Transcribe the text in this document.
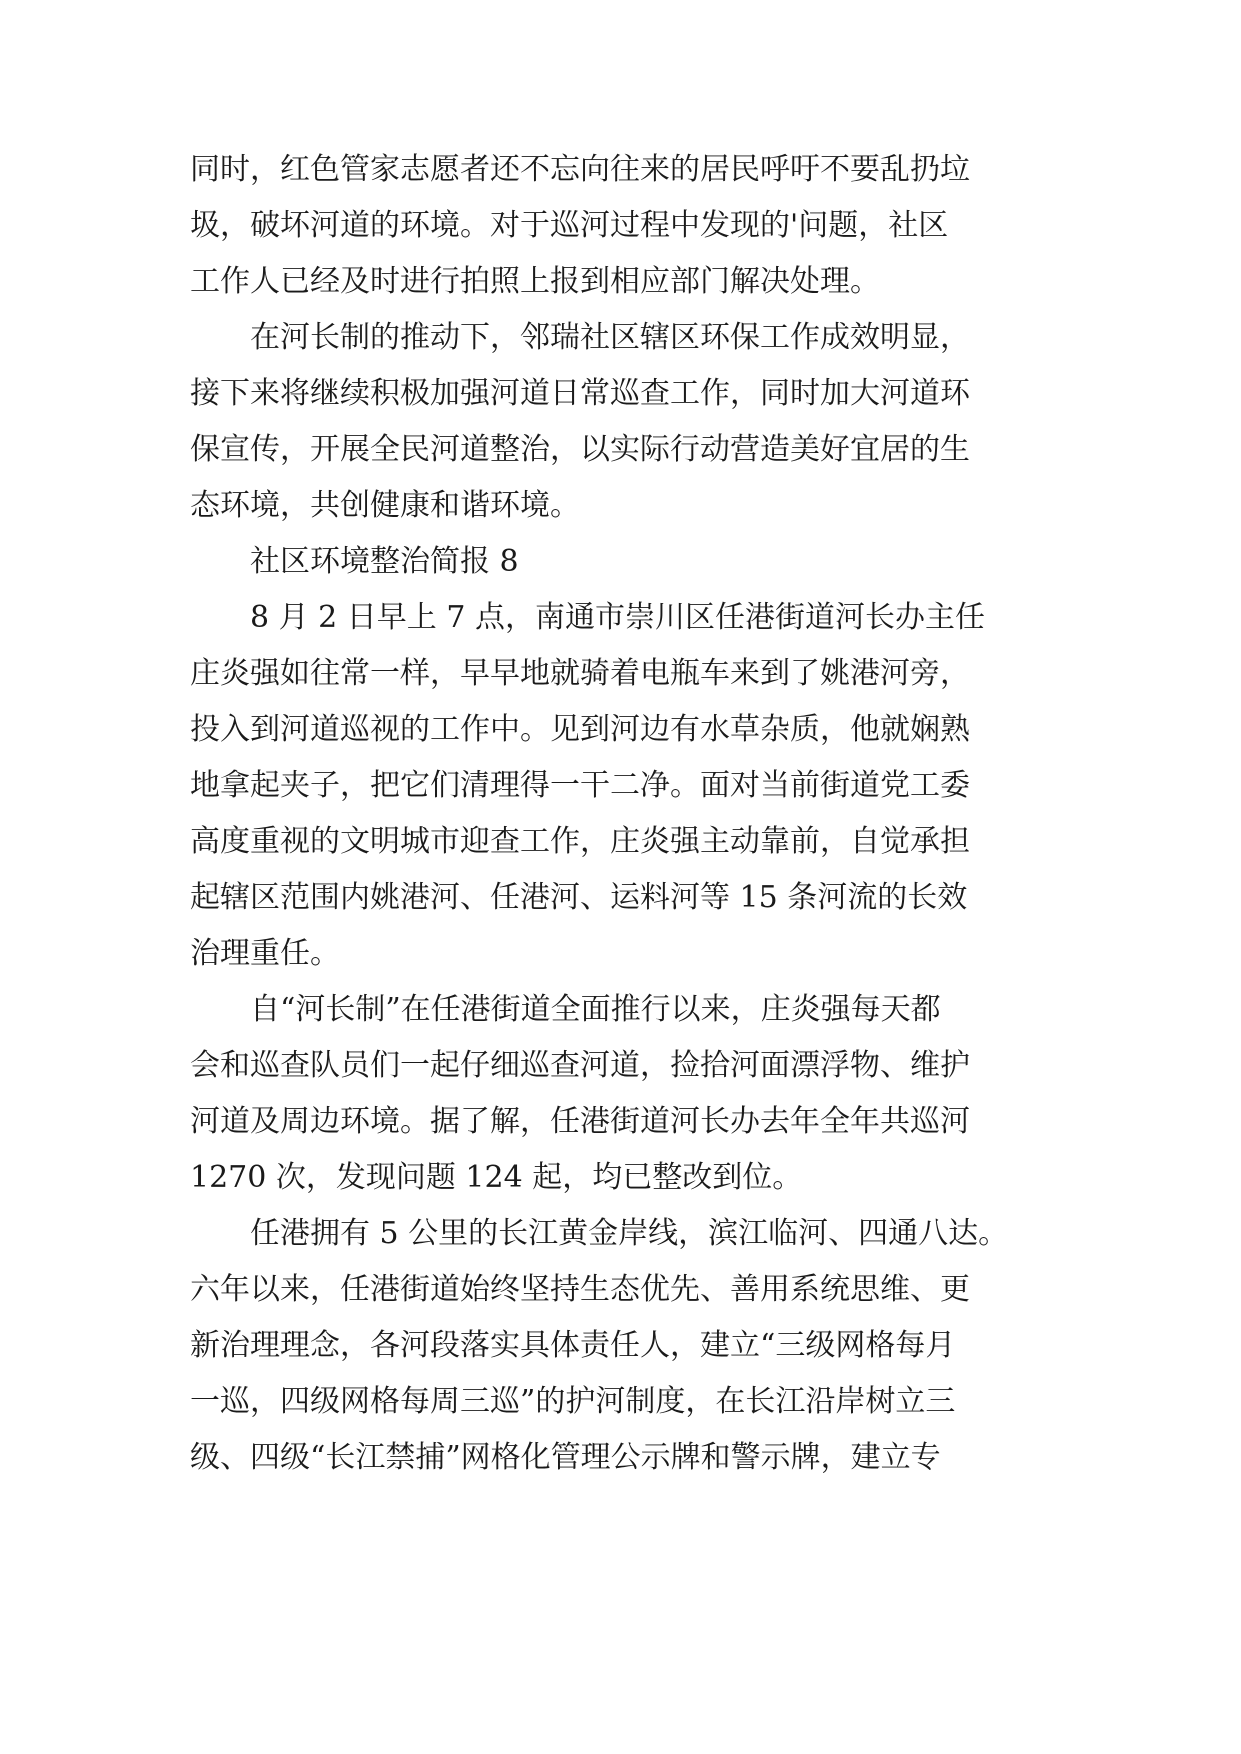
同时，红色管家志愿者还不忘向往来的居民呼吁不要乱扔垃

圾，破坏河道的环境。对于巡河过程中发现的'问题，社区

工作人已经及时进行拍照上报到相应部门解决处理。

　　在河长制的推动下，邻瑞社区辖区环保工作成效明显，

接下来将继续积极加强河道日常巡查工作，同时加大河道环

保宣传，开展全民河道整治，以实际行动营造美好宜居的生

态环境，共创健康和谐环境。

　　社区环境整治简报 8

　　8 月 2 日早上 7 点，南通市崇川区任港街道河长办主任

庄炎强如往常一样，早早地就骑着电瓶车来到了姚港河旁，

投入到河道巡视的工作中。见到河边有水草杂质，他就娴熟

地拿起夹子，把它们清理得一干二净。面对当前街道党工委

高度重视的文明城市迎查工作，庄炎强主动靠前，自觉承担

起辖区范围内姚港河、任港河、运料河等 15 条河流的长效

治理重任。

　　自“河长制”在任港街道全面推行以来，庄炎强每天都

会和巡查队员们一起仔细巡查河道，捡拾河面漂浮物、维护

河道及周边环境。据了解，任港街道河长办去年全年共巡河

1270 次，发现问题 124 起，均已整改到位。

　　任港拥有 5 公里的长江黄金岸线，滨江临河、四通八达。

六年以来，任港街道始终坚持生态优先、善用系统思维、更

新治理理念，各河段落实具体责任人，建立“三级网格每月

一巡，四级网格每周三巡”的护河制度，在长江沿岸树立三

级、四级“长江禁捕”网格化管理公示牌和警示牌，建立专
